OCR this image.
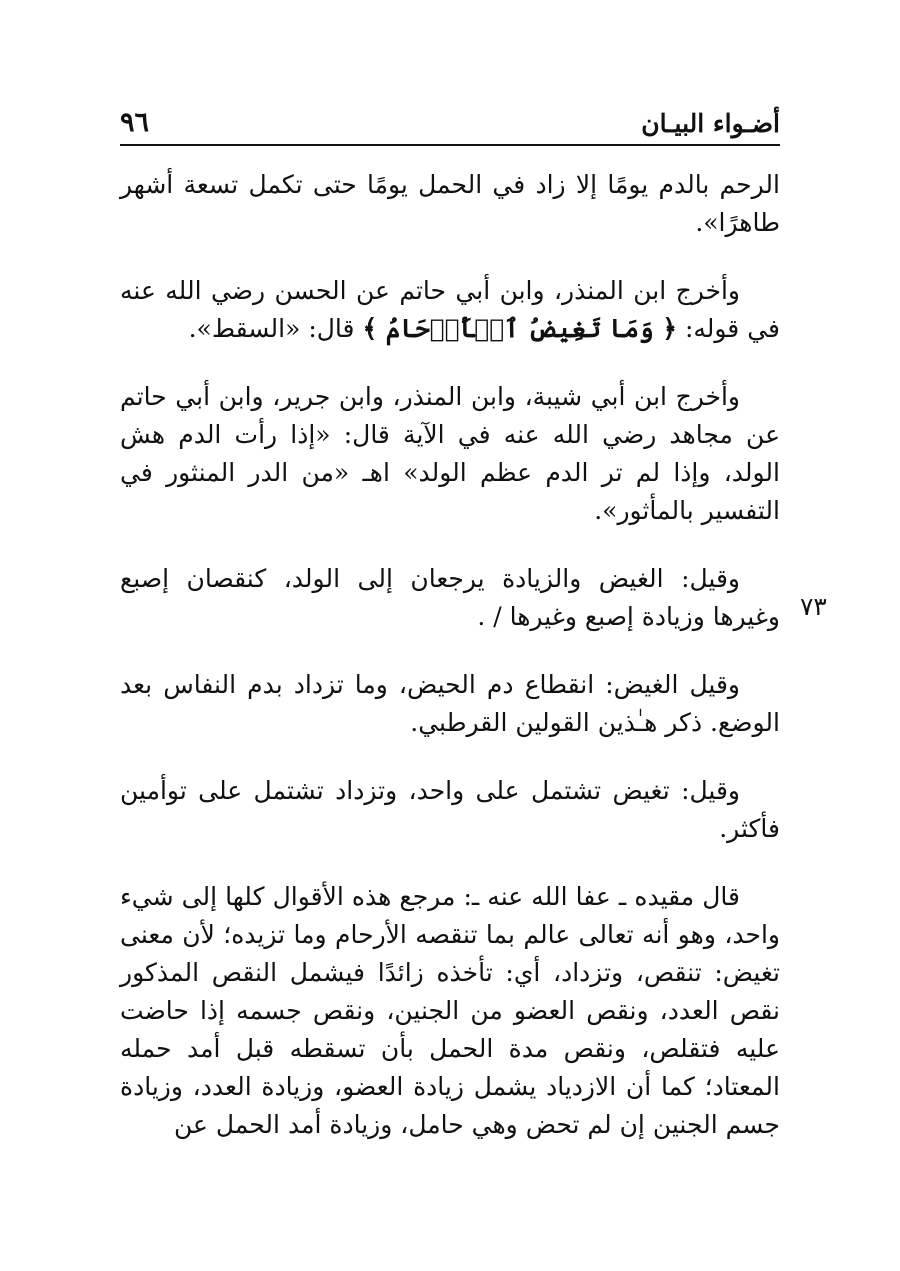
أضـواء البيـان
٩٦
٧٣

الرحم بالدم يومًا إلا زاد في الحمل يومًا حتى تكمل تسعة أشهر طاهرًا».

وأخرج ابن المنذر، وابن أبي حاتم عن الحسن رضي الله عنه في قوله: ﴿ وَمَا تَغِيضُ ٱلۡأَرۡحَامُ ﴾ قال: «السقط».

وأخرج ابن أبي شيبة، وابن المنذر، وابن جرير، وابن أبي حاتم عن مجاهد رضي الله عنه في الآية قال: «إذا رأت الدم هش الولد، وإذا لم تر الدم عظم الولد» اهـ «من الدر المنثور في التفسير بالمأثور».

وقيل: الغيض والزيادة يرجعان إلى الولد، كنقصان إصبع وغيرها وزيادة إصبع وغيرها / .

وقيل الغيض: انقطاع دم الحيض، وما تزداد بدم النفاس بعد الوضع. ذكر هـٰذين القولين القرطبي.

وقيل: تغيض تشتمل على واحد، وتزداد تشتمل على توأمين فأكثر.

قال مقيده ـ عفا الله عنه ـ: مرجع هذه الأقوال كلها إلى شيء واحد، وهو أنه تعالى عالم بما تنقصه الأرحام وما تزيده؛ لأن معنى تغيض: تنقص، وتزداد، أي: تأخذه زائدًا فيشمل النقص المذكور نقص العدد، ونقص العضو من الجنين، ونقص جسمه إذا حاضت عليه فتقلص، ونقص مدة الحمل بأن تسقطه قبل أمد حمله المعتاد؛ كما أن الازدياد يشمل زيادة العضو، وزيادة العدد، وزيادة جسم الجنين إن لم تحض وهي حامل، وزيادة أمد الحمل عن
